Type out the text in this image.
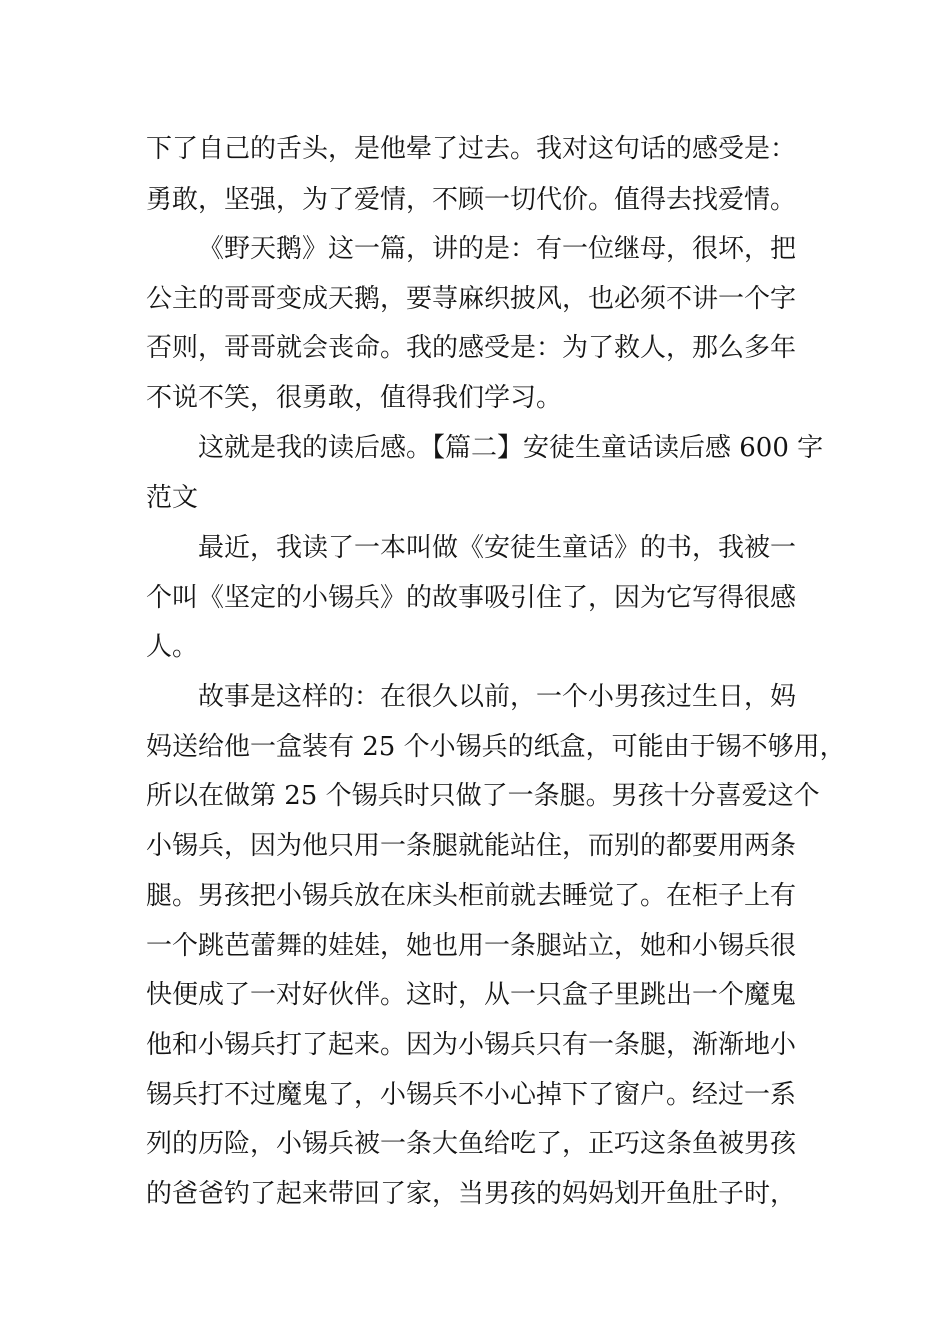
下了自己的舌头，是他晕了过去。我对这句话的感受是：
勇敢，坚强，为了爱情，不顾一切代价。值得去找爱情。
《野天鹅》这一篇，讲的是：有一位继母，很坏，把
公主的哥哥变成天鹅，要荨麻织披风，也必须不讲一个字
否则，哥哥就会丧命。我的感受是：为了救人，那么多年
不说不笑，很勇敢，值得我们学习。
这就是我的读后感。【篇二】安徒生童话读后感 600 字
范文
最近，我读了一本叫做《安徒生童话》的书，我被一
个叫《坚定的小锡兵》的故事吸引住了，因为它写得很感
人。
故事是这样的：在很久以前，一个小男孩过生日，妈
妈送给他一盒装有 25 个小锡兵的纸盒，可能由于锡不够用，
所以在做第 25 个锡兵时只做了一条腿。男孩十分喜爱这个
小锡兵，因为他只用一条腿就能站住，而别的都要用两条
腿。男孩把小锡兵放在床头柜前就去睡觉了。在柜子上有
一个跳芭蕾舞的娃娃，她也用一条腿站立，她和小锡兵很
快便成了一对好伙伴。这时，从一只盒子里跳出一个魔鬼
他和小锡兵打了起来。因为小锡兵只有一条腿，渐渐地小
锡兵打不过魔鬼了，小锡兵不小心掉下了窗户。经过一系
列的历险，小锡兵被一条大鱼给吃了，正巧这条鱼被男孩
的爸爸钓了起来带回了家，当男孩的妈妈划开鱼肚子时，
